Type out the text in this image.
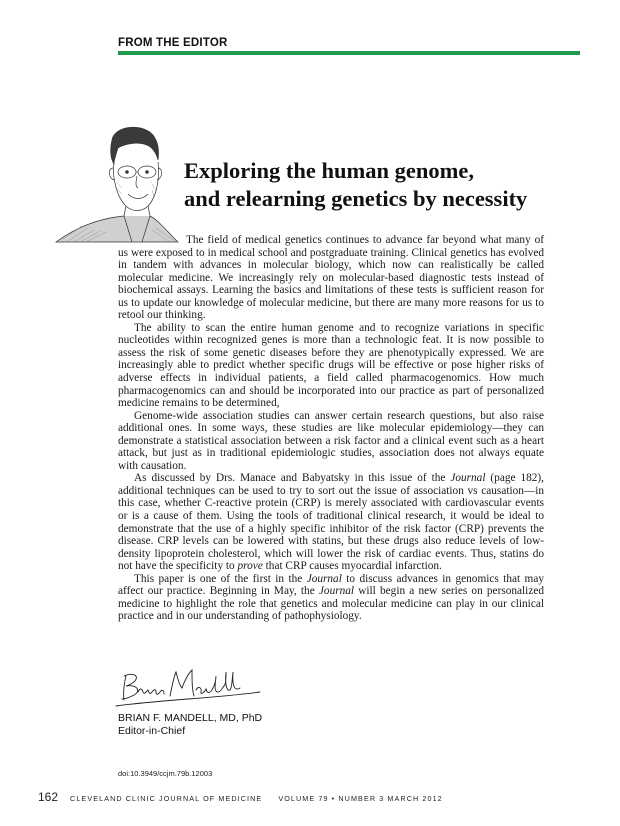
FROM THE EDITOR
Exploring the human genome,
and relearning genetics by necessity

The field of medical genetics continues to advance far beyond what many of us were exposed to in medical school and postgraduate training. Clinical genetics has evolved in tandem with advances in molecular biology, which now can realistically be called molecular medicine. We increasingly rely on molecular-based diagnostic tests instead of biochemical assays. Learning the basics and limitations of these tests is sufficient reason for us to update our knowledge of molecular medicine, but there are many more reasons for us to retool our thinking.

The ability to scan the entire human genome and to recognize variations in specific nucleotides within recognized genes is more than a technologic feat. It is now possible to assess the risk of some genetic diseases before they are phenotypically expressed. We are increasingly able to predict whether specific drugs will be effective or pose higher risks of adverse effects in individual patients, a field called pharmacogenomics. How much pharmacogenomics can and should be incorporated into our practice as part of personalized medicine remains to be determined,

Genome-wide association studies can answer certain research questions, but also raise additional ones. In some ways, these studies are like molecular epidemiology—they can demonstrate a statistical association between a risk factor and a clinical event such as a heart attack, but just as in traditional epidemiologic studies, association does not always equate with causation.

As discussed by Drs. Manace and Babyatsky in this issue of the Journal (page 182), additional techniques can be used to try to sort out the issue of association vs causation—in this case, whether C-reactive protein (CRP) is merely associated with cardiovascular events or is a cause of them. Using the tools of traditional clinical research, it would be ideal to demonstrate that the use of a highly specific inhibitor of the risk factor (CRP) prevents the disease. CRP levels can be lowered with statins, but these drugs also reduce levels of low-density lipoprotein cholesterol, which will lower the risk of cardiac events. Thus, statins do not have the specificity to prove that CRP causes myocardial infarction.

This paper is one of the first in the Journal to discuss advances in genomics that may affect our practice. Beginning in May, the Journal will begin a new series on personalized medicine to highlight the role that genetics and molecular medicine can play in our clinical practice and in our understanding of pathophysiology.

BRIAN F. MANDELL, MD, PhD
Editor-in-Chief
doi:10.3949/ccjm.79b.12003
162 CLEVELAND CLINIC JOURNAL OF MEDICINE VOLUME 79 • NUMBER 3 MARCH 2012
